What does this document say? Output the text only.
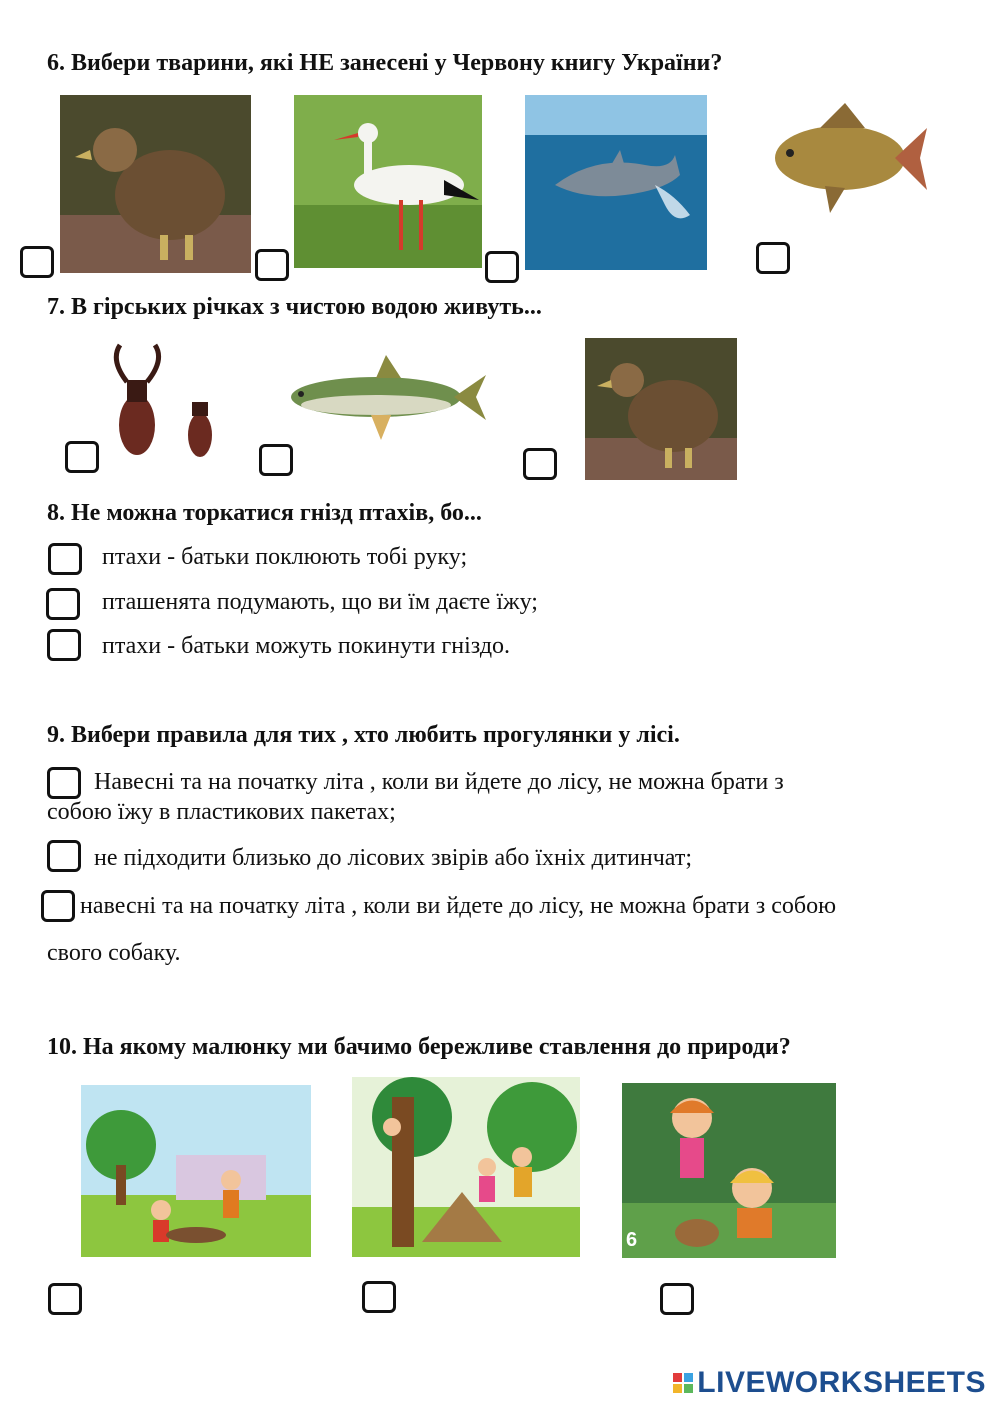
6. Вибери тварини, які НЕ занесені у Червону книгу України?
7. В гірських річках з чистою водою живуть...
8. Не можна торкатися гнізд птахів, бо...
птахи - батьки поклюють тобі руку;
пташенята подумають, що ви їм даєте їжу;
птахи - батьки можуть покинути гніздо.
9. Вибери правила для тих , хто любить прогулянки у лісі.
Навесні та на початку літа , коли ви йдете до лісу, не можна брати з
собою їжу в пластикових пакетах;
не підходити близько до лісових звірів або їхніх дитинчат;
навесні та на початку літа , коли ви йдете до лісу, не можна брати з собою
свого собаку.
10. На якому малюнку ми бачимо бережливе ставлення до природи?
6
LIVEWORKSHEETS
